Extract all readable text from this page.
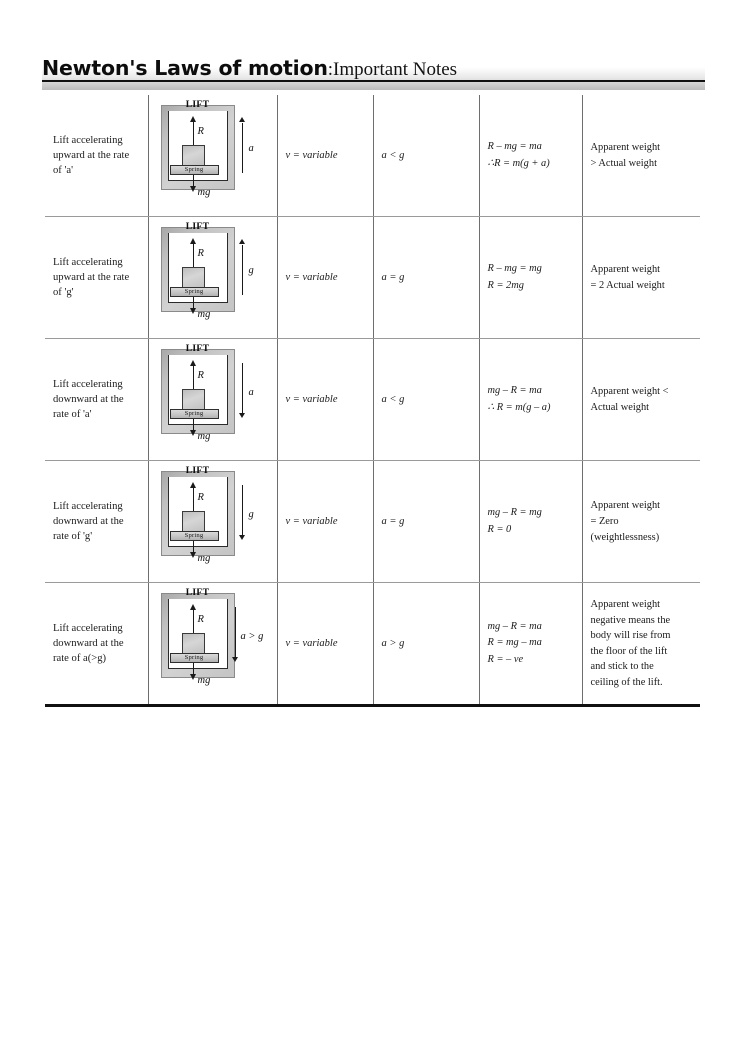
Newton's Laws of motion:Important Notes
Lift accelerating upward at the rate of 'a'

LIFT
R
Spring
mg
a

v = variable	a < g

R – mg = ma
∴R = m(g + a)

Apparent weight
> Actual weight

Lift accelerating upward at the rate of 'g'

LIFT
R
Spring
mg
g

v = variable	a = g

R – mg = mg
R = 2mg

Apparent weight
= 2 Actual weight

Lift accelerating downward at the rate of 'a'

LIFT
R
Spring
mg
a

v = variable	a < g

mg – R = ma
∴ R = m(g – a)

Apparent weight <
Actual weight

Lift accelerating downward at the rate of 'g'

LIFT
R
Spring
mg
g

v = variable	a = g

mg – R = mg
R = 0

Apparent weight
= Zero
(weightlessness)

Lift accelerating downward at the rate of a(>g)

LIFT
R
Spring
mg
a > g

v = variable	a > g

mg – R = ma
R = mg – ma
R = – ve

Apparent weight
negative means the
body will rise from
the floor of the lift
and stick to the
ceiling of the lift.
